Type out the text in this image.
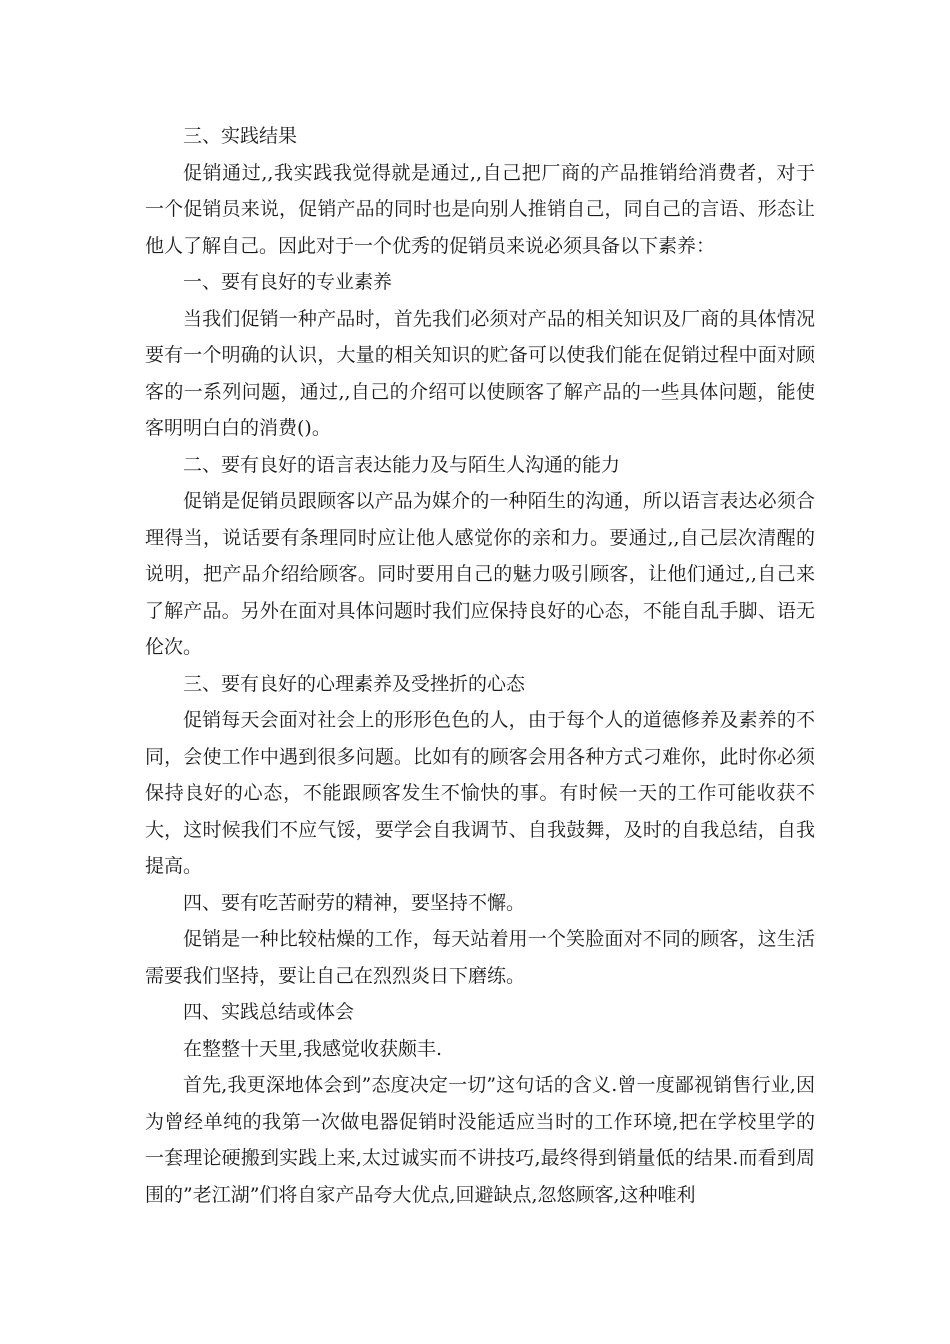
三、实践结果

促销通过,,我实践我觉得就是通过,,自己把厂商的产品推销给消费者，对于一个促销员来说，促销产品的同时也是向别人推销自己，同自己的言语、形态让他人了解自己。因此对于一个优秀的促销员来说必须具备以下素养：

一、要有良好的专业素养

当我们促销一种产品时，首先我们必须对产品的相关知识及厂商的具体情况要有一个明确的认识，大量的相关知识的贮备可以使我们能在促销过程中面对顾客的一系列问题，通过,,自己的介绍可以使顾客了解产品的一些具体问题，能使客明明白白的消费()。

二、要有良好的语言表达能力及与陌生人沟通的能力

促销是促销员跟顾客以产品为媒介的一种陌生的沟通，所以语言表达必须合理得当，说话要有条理同时应让他人感觉你的亲和力。要通过,,自己层次清醒的说明，把产品介绍给顾客。同时要用自己的魅力吸引顾客，让他们通过,,自己来了解产品。另外在面对具体问题时我们应保持良好的心态，不能自乱手脚、语无伦次。

三、要有良好的心理素养及受挫折的心态

促销每天会面对社会上的形形色色的人，由于每个人的道德修养及素养的不同，会使工作中遇到很多问题。比如有的顾客会用各种方式刁难你，此时你必须保持良好的心态，不能跟顾客发生不愉快的事。有时候一天的工作可能收获不大，这时候我们不应气馁，要学会自我调节、自我鼓舞，及时的自我总结，自我提高。

四、要有吃苦耐劳的精神，要坚持不懈。

促销是一种比较枯燥的工作，每天站着用一个笑脸面对不同的顾客，这生活需要我们坚持，要让自己在烈烈炎日下磨练。

四、实践总结或体会

在整整十天里,我感觉收获颇丰.

首先,我更深地体会到”态度决定一切”这句话的含义.曾一度鄙视销售行业,因为曾经单纯的我第一次做电器促销时没能适应当时的工作环境,把在学校里学的一套理论硬搬到实践上来,太过诚实而不讲技巧,最终得到销量低的结果.而看到周围的”老江湖”们将自家产品夸大优点,回避缺点,忽悠顾客,这种唯利
